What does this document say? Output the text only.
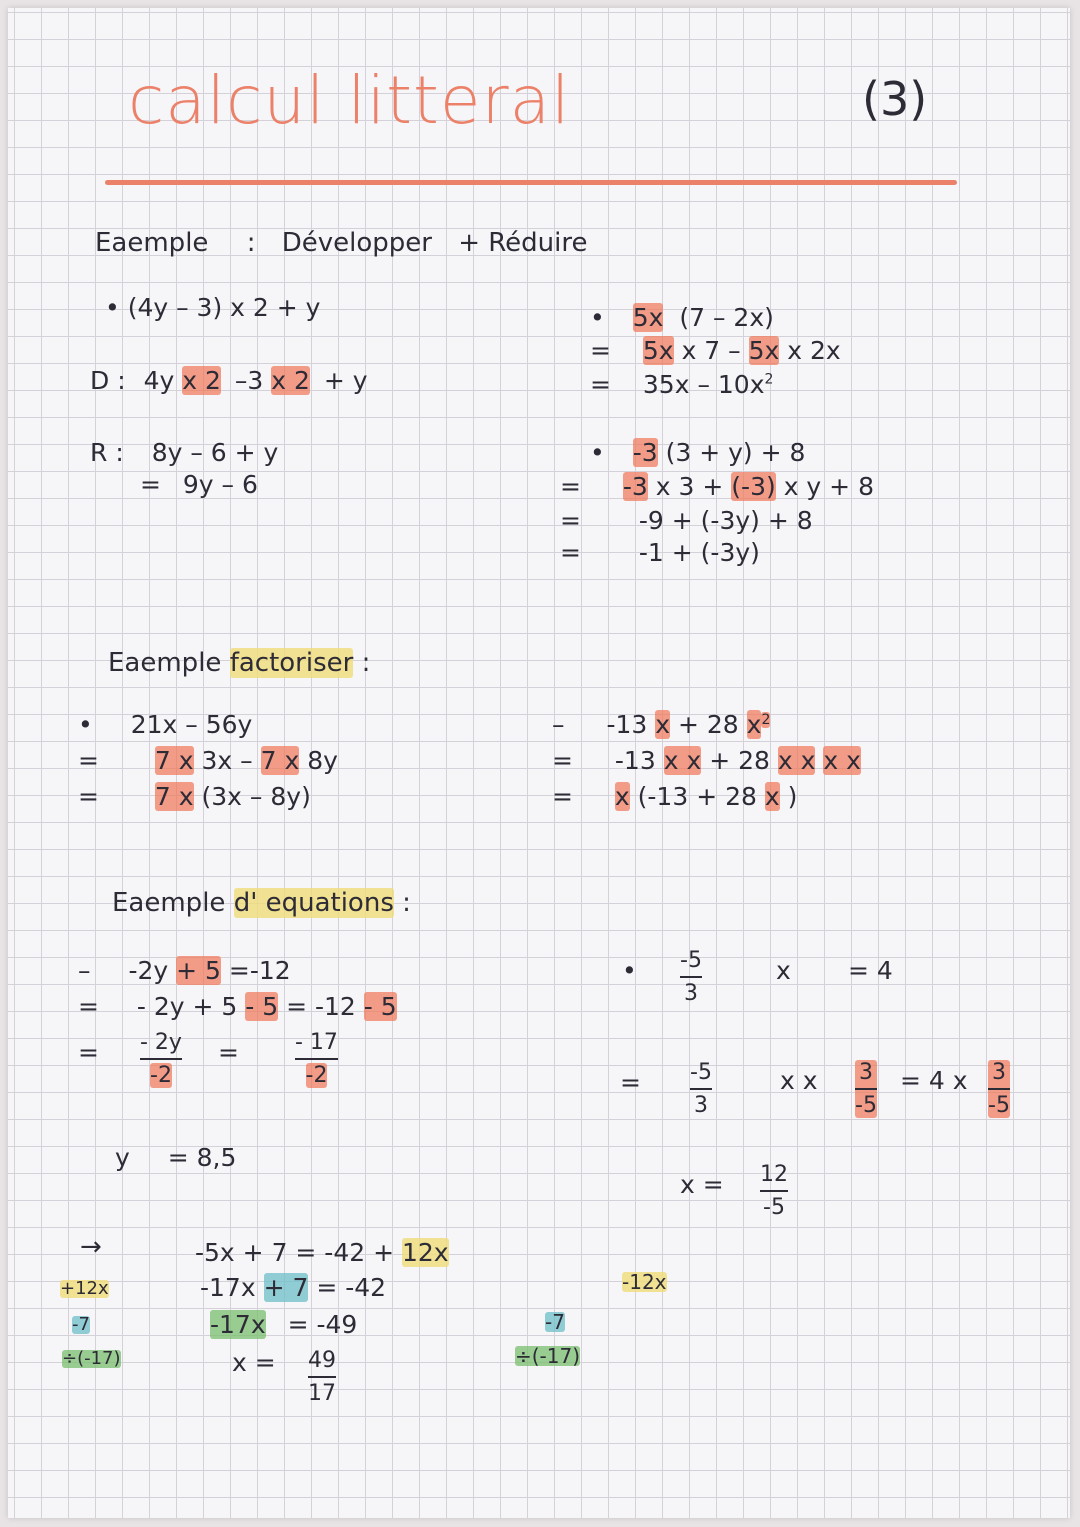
calcul litteral	(3)
Eaemple : Développer + Réduire
• (4y – 3) x 2 + y
D : 4y x 2 –3 x 2 + y
R : 8y – 6 + y
= 9y – 6
• 5x (7 – 2x)
= 5x x 7 – 5x x 2x
= $35x - 10x^2$
• -3 (3 + y) + 8
= -3 x 3 + (-3) x y + 8
= -9 + (-3y) + 8
= -1 + (-3y)
Eaemple factoriser :
• 21x – 56y
= 7 x 3x – 7 x 8y
= 7 x (3x – 8y)
– -13 x + 28 $x^2$
= -13 x x + 28 x x x x
= x (-13 + 28 x )
Eaemple d' equations :
– -2y + 5 =-12
= - 2y + 5 - 5 = -12 - 5
= - 2y
-2
=	- 17
-2
y = 8,5
• -5
3
x = 4
= -5
3
x x 3
-5
= 4 x 3
-5
x = 12
-5
→	-5x + 7 = -42 + 12x
-17x + 7 = -42
-17x = -49
x = 49
17
+12x
-7
÷(-17)
-12x
-7
÷(-17)
